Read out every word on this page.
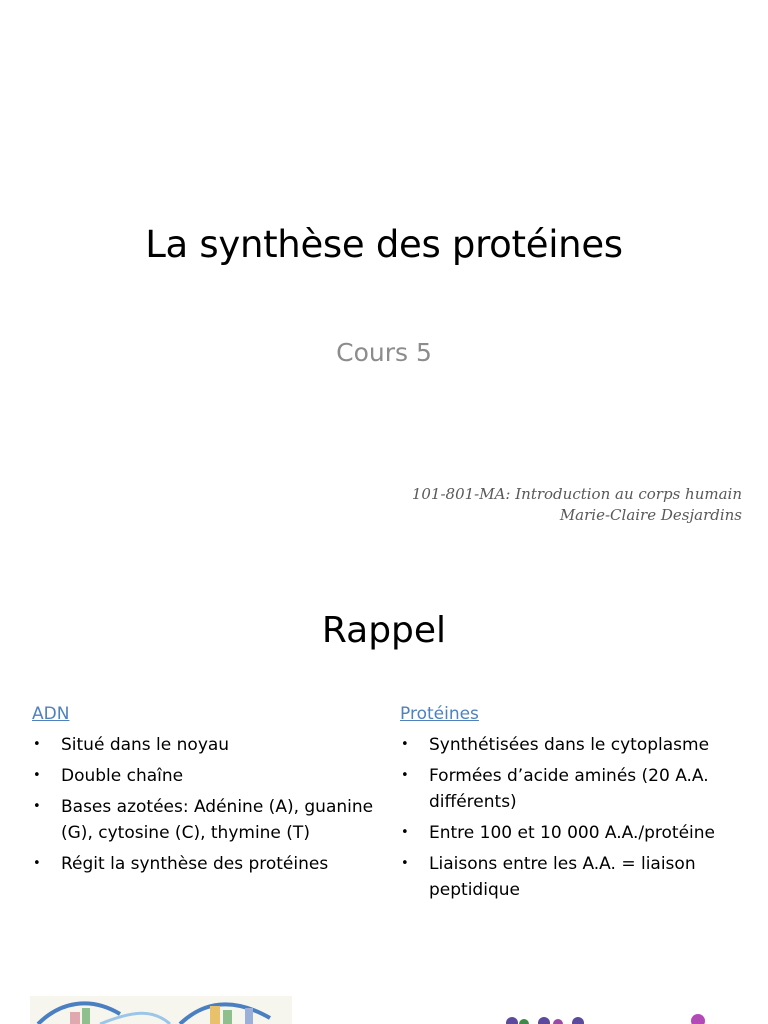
La synthèse des protéines
Cours 5
101-801-MA: Introduction au corps humain
Marie-Claire Desjardins
Rappel
ADN
• Situé dans le noyau
• Double chaîne
• Bases azotées: Adénine (A), guanine (G), cytosine (C), thymine (T)
• Régit la synthèse des protéines
Protéines
• Synthétisées dans le cytoplasme
• Formées d’acide aminés (20 A.A. différents)
• Entre 100 et 10 000 A.A./protéine
• Liaisons entre les A.A. = liaison peptidique
